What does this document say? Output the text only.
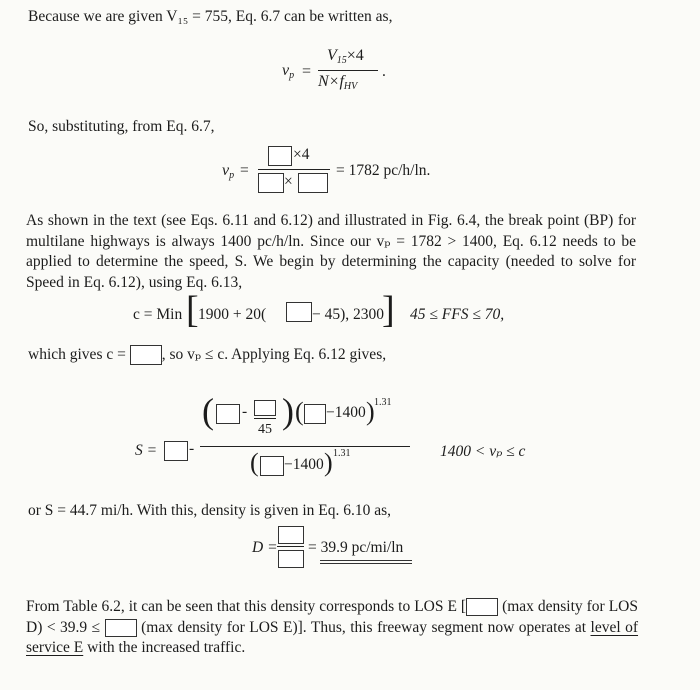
Because we are given V₁₅ = 755, Eq. 6.7 can be written as,
$v_p$ =
$V_{15}\times 4$
$N\times f_{HV}$
.
So, substituting, from Eq. 6.7,
$v_p$ =
×4
×
= 1782 pc/h/ln.
As shown in the text (see Eqs. 6.11 and 6.12) and illustrated in Fig. 6.4, the break point (BP) for multilane highways is always 1400 pc/h/ln. Since our vₚ = 1782 > 1400, Eq. 6.12 needs to be applied to determine the speed, S. We begin by determining the capacity (needed to solve for Speed in Eq. 6.12), using Eq. 6.13,
c = Min [ 1900 + 20(	− 45), 2300
] 45 ≤ FFS ≤ 70,
which gives c = , so vₚ ≤ c. Applying Eq. 6.12 gives,
S = -
( -
45 ) ( −1400 ) 1.31
( −1400 ) 1.31	1400 < vₚ ≤ c
or S = 44.7 mi/h. With this, density is given in Eq. 6.10 as,
D = = 39.9 pc/mi/ln
From Table 6.2, it can be seen that this density corresponds to LOS E [ (max density for LOS D) < 39.9 ≤	(max density for LOS E)]. Thus, this freeway segment now operates at level of service E with the increased traffic.
